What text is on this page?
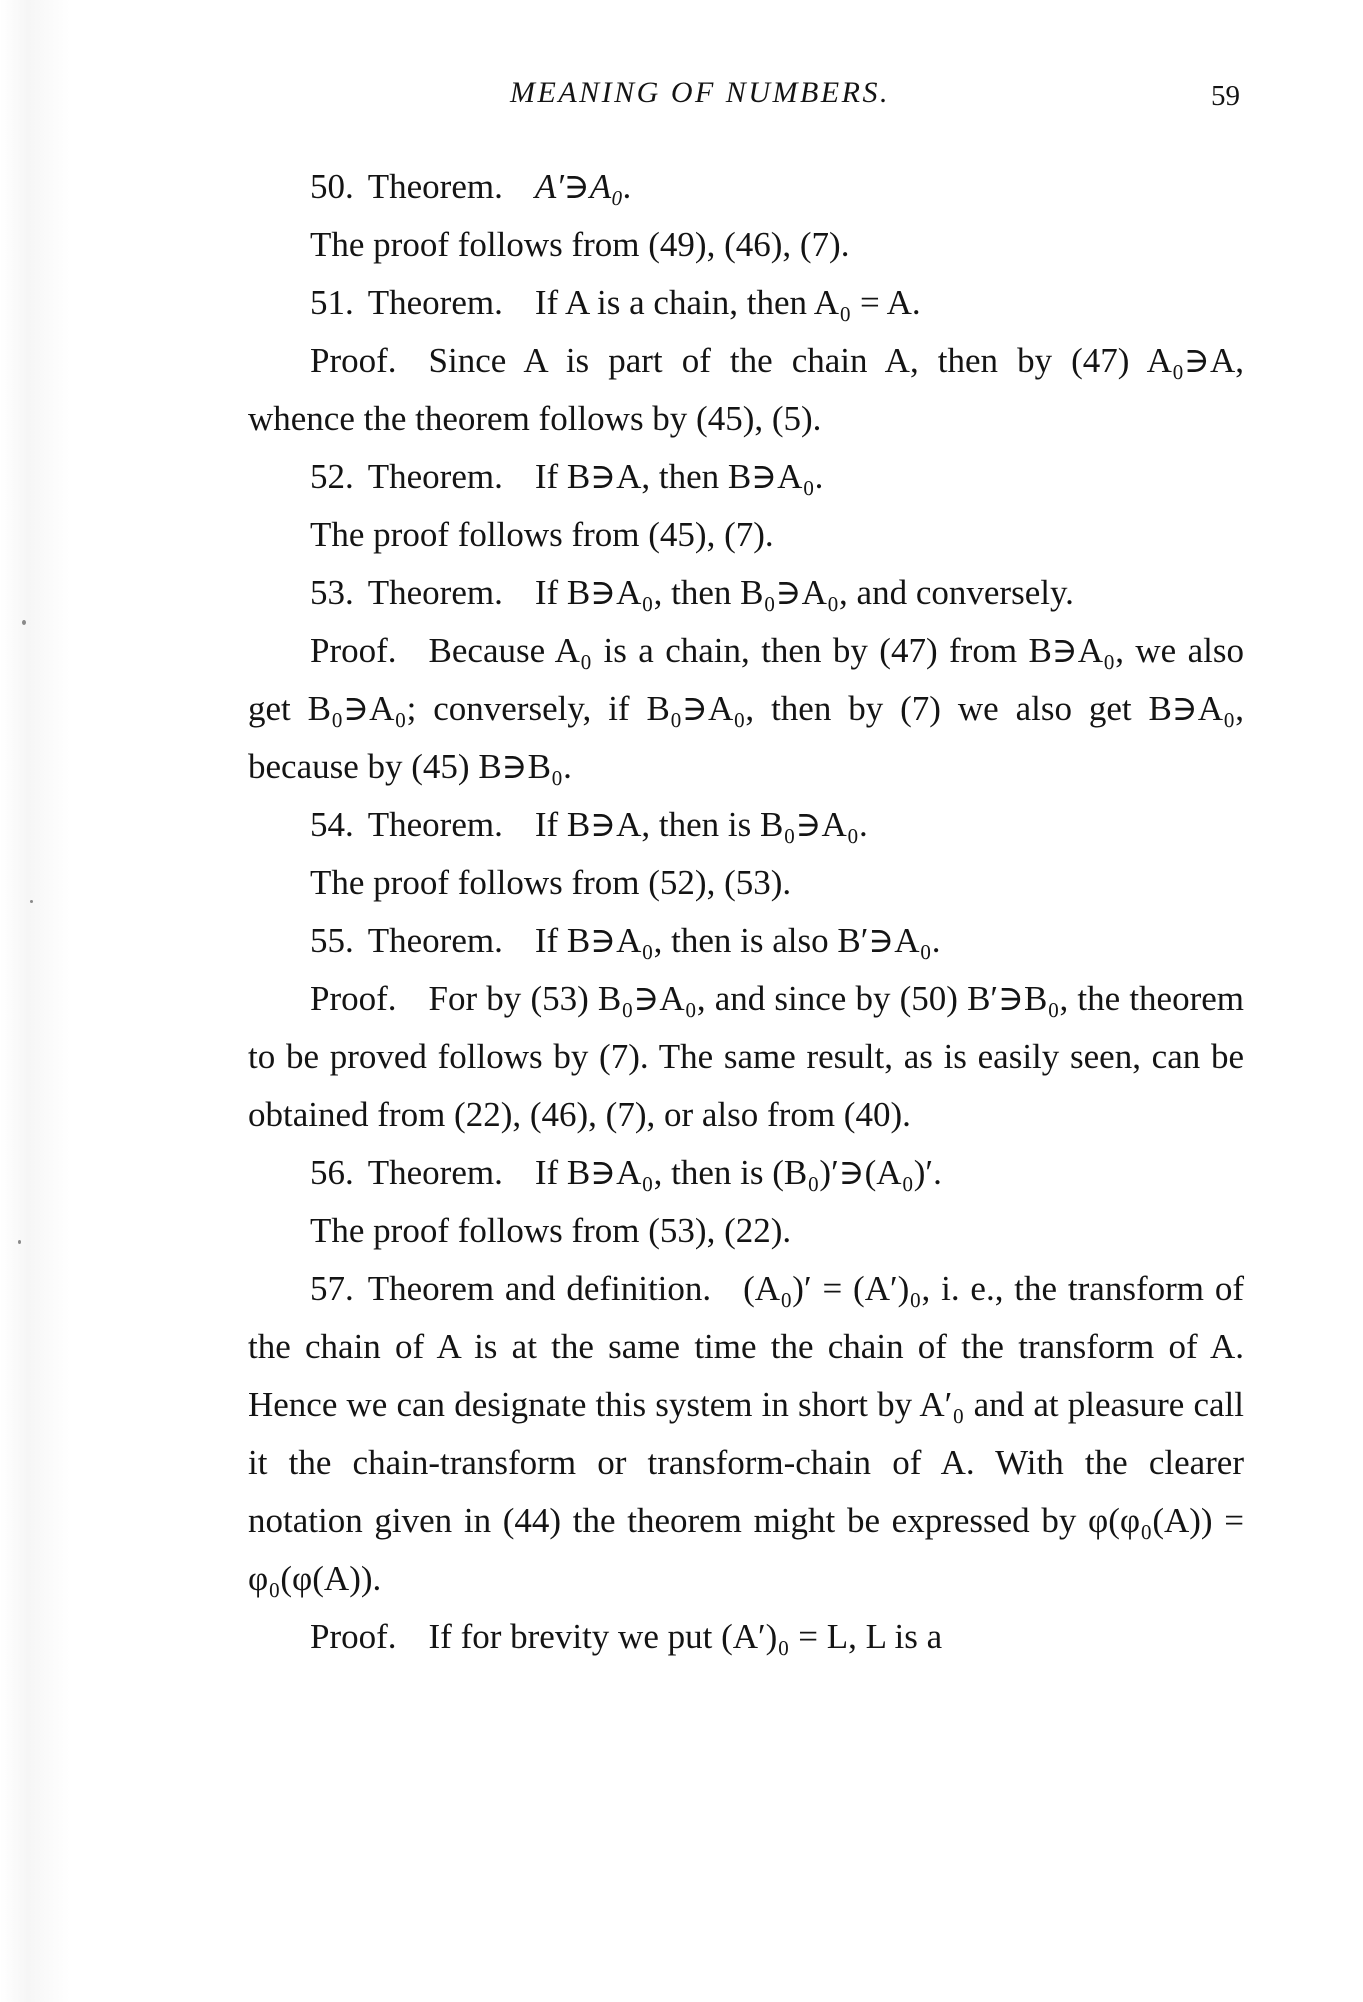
MEANING OF NUMBERS.	59

50. Theorem. A′∋A₀.

The proof follows from (49), (46), (7).

51. Theorem. If A is a chain, then A₀ = A.

Proof. Since A is part of the chain A, then by (47) A₀∋A, whence the theorem follows by (45), (5).

52. Theorem. If B∋A, then B∋A₀.

The proof follows from (45), (7).

53. Theorem. If B∋A₀, then B₀∋A₀, and conversely.

Proof. Because A₀ is a chain, then by (47) from B∋A₀, we also get B₀∋A₀; conversely, if B₀∋A₀, then by (7) we also get B∋A₀, because by (45) B∋B₀.

54. Theorem. If B∋A, then is B₀∋A₀.

The proof follows from (52), (53).

55. Theorem. If B∋A₀, then is also B′∋A₀.

Proof. For by (53) B₀∋A₀, and since by (50) B′∋B₀, the theorem to be proved follows by (7). The same result, as is easily seen, can be obtained from (22), (46), (7), or also from (40).

56. Theorem. If B∋A₀, then is (B₀)′∋(A₀)′.

The proof follows from (53), (22).

57. Theorem and definition. (A₀)′ = (A′)₀, i. e., the transform of the chain of A is at the same time the chain of the transform of A. Hence we can designate this system in short by A′₀ and at pleasure call it the chain-transform or transform-chain of A. With the clearer notation given in (44) the theorem might be expressed by φ(φ₀(A)) = φ₀(φ(A)).

Proof. If for brevity we put (A′)₀ = L, L is a
